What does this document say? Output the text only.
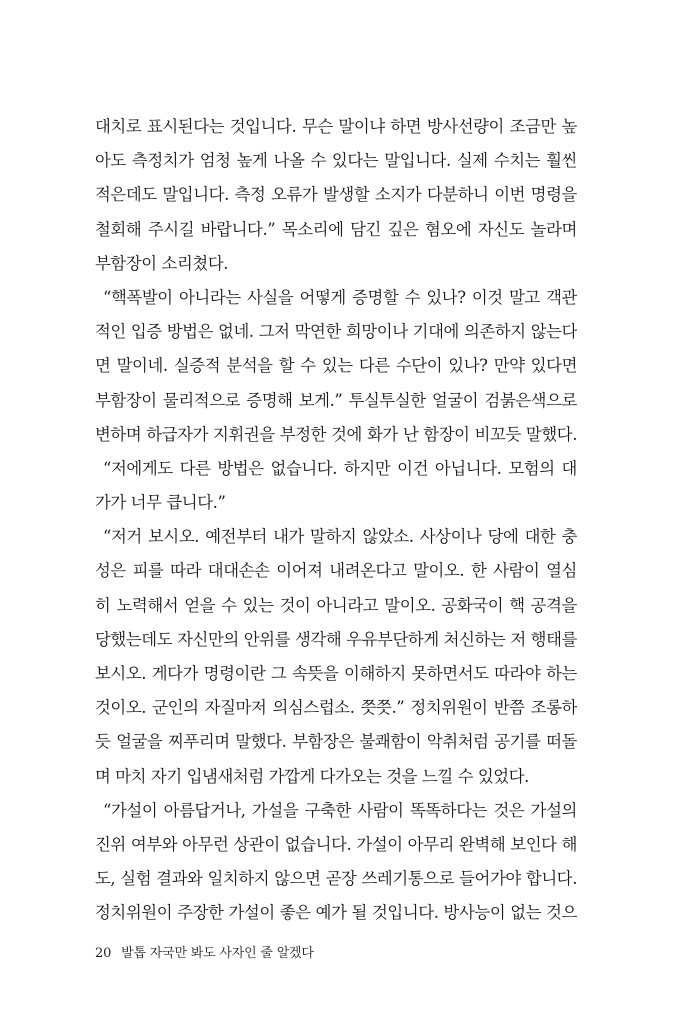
대치로 표시된다는 것입니다. 무슨 말이냐 하면 방사선량이 조금만 높
아도 측정치가 엄청 높게 나올 수 있다는 말입니다. 실제 수치는 훨씬
적은데도 말입니다. 측정 오류가 발생할 소지가 다분하니 이번 명령을
철회해 주시길 바랍니다.” 목소리에 담긴 깊은 혐오에 자신도 놀라며
부함장이 소리쳤다.
“핵폭발이 아니라는 사실을 어떻게 증명할 수 있나? 이것 말고 객관
적인 입증 방법은 없네. 그저 막연한 희망이나 기대에 의존하지 않는다
면 말이네. 실증적 분석을 할 수 있는 다른 수단이 있나? 만약 있다면
부함장이 물리적으로 증명해 보게.” 투실투실한 얼굴이 검붉은색으로
변하며 하급자가 지휘권을 부정한 것에 화가 난 함장이 비꼬듯 말했다.
“저에게도 다른 방법은 없습니다. 하지만 이건 아닙니다. 모험의 대
가가 너무 큽니다.”
“저거 보시오. 예전부터 내가 말하지 않았소. 사상이나 당에 대한 충
성은 피를 따라 대대손손 이어져 내려온다고 말이오. 한 사람이 열심
히 노력해서 얻을 수 있는 것이 아니라고 말이오. 공화국이 핵 공격을
당했는데도 자신만의 안위를 생각해 우유부단하게 처신하는 저 행태를
보시오. 게다가 명령이란 그 속뜻을 이해하지 못하면서도 따라야 하는
것이오. 군인의 자질마저 의심스럽소. 쯧쯧.” 정치위원이 반쯤 조롱하
듯 얼굴을 찌푸리며 말했다. 부함장은 불쾌함이 악취처럼 공기를 떠돌
며 마치 자기 입냄새처럼 가깝게 다가오는 것을 느낄 수 있었다.
“가설이 아름답거나, 가설을 구축한 사람이 똑똑하다는 것은 가설의
진위 여부와 아무런 상관이 없습니다. 가설이 아무리 완벽해 보인다 해
도, 실험 결과와 일치하지 않으면 곧장 쓰레기통으로 들어가야 합니다.
정치위원이 주장한 가설이 좋은 예가 될 것입니다. 방사능이 없는 것으
20 발톱 자국만 봐도 사자인 줄 알겠다
